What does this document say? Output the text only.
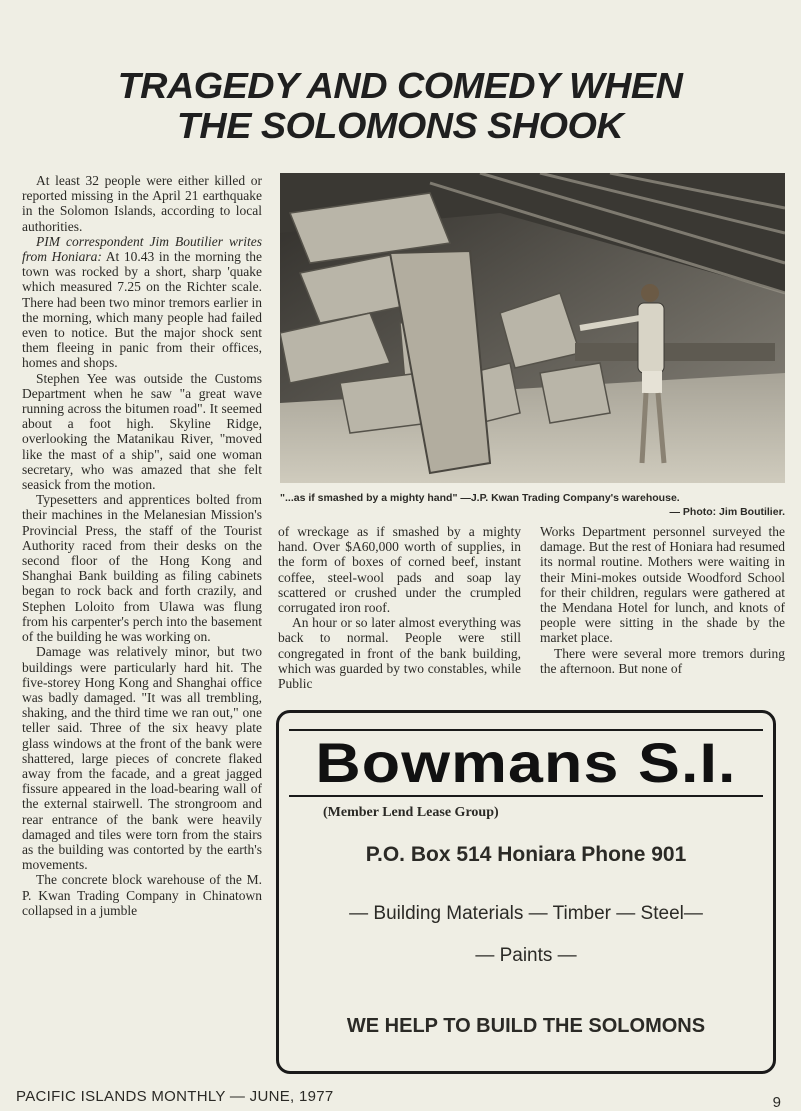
TRAGEDY AND COMEDY WHEN
THE SOLOMONS SHOOK

At least 32 people were either killed or reported missing in the April 21 earthquake in the Solomon Islands, according to local authorities.

PIM correspondent Jim Boutilier writes from Honiara: At 10.43 in the morning the town was rocked by a short, sharp 'quake which measured 7.25 on the Richter scale. There had been two minor tremors earlier in the morning, which many people had failed even to notice. But the major shock sent them fleeing in panic from their offices, homes and shops.

Stephen Yee was outside the Customs Department when he saw "a great wave running across the bitumen road". It seemed about a foot high. Skyline Ridge, overlooking the Matanikau River, "moved like the mast of a ship", said one woman secretary, who was amazed that she felt seasick from the motion.

Typesetters and apprentices bolted from their machines in the Melanesian Mission's Provincial Press, the staff of the Tourist Authority raced from their desks on the second floor of the Hong Kong and Shanghai Bank building as filing cabinets began to rock back and forth crazily, and Stephen Loloito from Ulawa was flung from his carpenter's perch into the basement of the building he was working on.

Damage was relatively minor, but two buildings were particularly hard hit. The five-storey Hong Kong and Shanghai office was badly damaged. "It was all trembling, shaking, and the third time we ran out," one teller said. Three of the six heavy plate glass windows at the front of the bank were shattered, large pieces of concrete flaked away from the facade, and a great jagged fissure appeared in the load-bearing wall of the external stairwell. The strongroom and rear entrance of the bank were heavily damaged and tiles were torn from the stairs as the building was contorted by the earth's movements.

The concrete block warehouse of the M. P. Kwan Trading Company in Chinatown collapsed in a jumble

"...as if smashed by a mighty hand" —J.P. Kwan Trading Company's warehouse.
— Photo: Jim Boutilier.

of wreckage as if smashed by a mighty hand. Over $A60,000 worth of supplies, in the form of boxes of corned beef, instant coffee, steel-wool pads and soap lay scattered or crushed under the crumpled corrugated iron roof.

An hour or so later almost everything was back to normal. People were still congregated in front of the bank building, which was guarded by two constables, while Public

Works Department personnel surveyed the damage. But the rest of Honiara had resumed its normal routine. Mothers were waiting in their Mini-mokes outside Woodford School for their children, regulars were gathered at the Mendana Hotel for lunch, and knots of people were sitting in the shade by the market place.

There were several more tremors during the afternoon. But none of

Bowmans S.I.
(Member Lend Lease Group)
P.O. Box 514 Honiara Phone 901
— Building Materials — Timber — Steel—
— Paints —
WE HELP TO BUILD THE SOLOMONS
PACIFIC ISLANDS MONTHLY — JUNE, 1977	9
